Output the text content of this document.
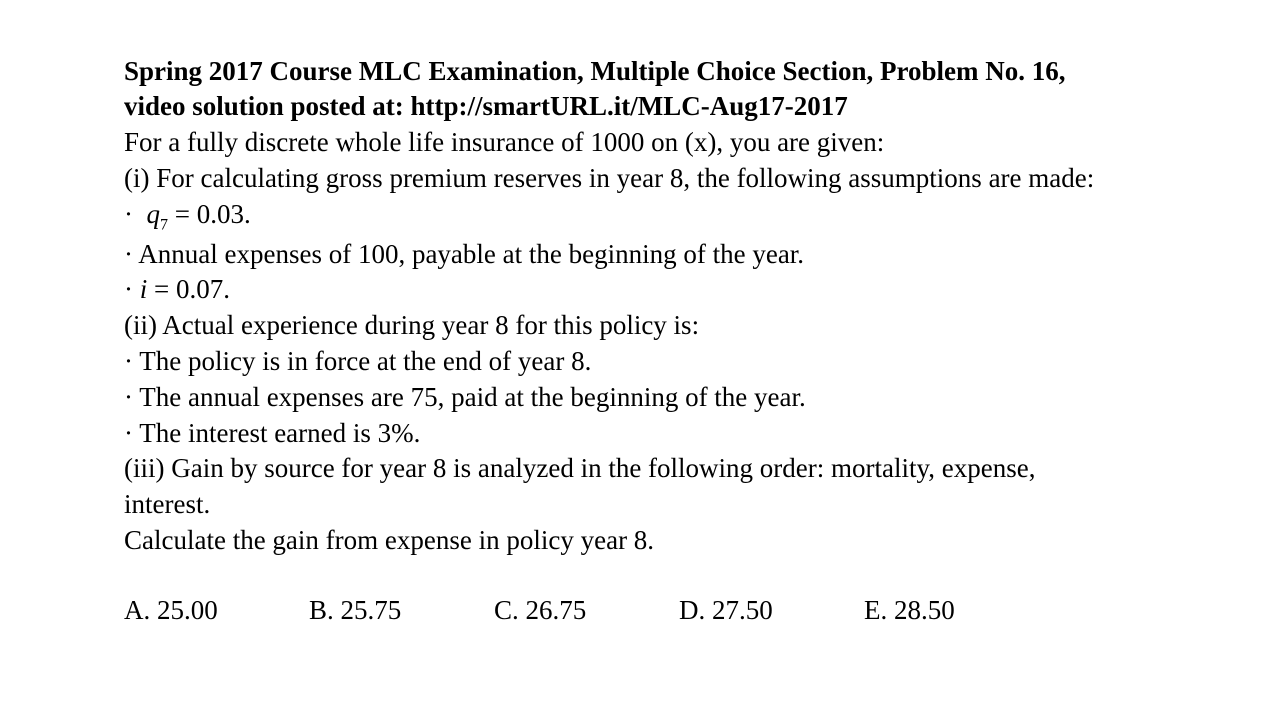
Spring 2017 Course MLC Examination, Multiple Choice Section, Problem No. 16,
video solution posted at: http://smartURL.it/MLC-Aug17-2017
For a fully discrete whole life insurance of 1000 on (x), you are given:
(i) For calculating gross premium reserves in year 8, the following assumptions are made:
·  $q_7 = 0.03$.
· Annual expenses of 100, payable at the beginning of the year.
· i = 0.07.
(ii) Actual experience during year 8 for this policy is:
· The policy is in force at the end of year 8.
· The annual expenses are 75, paid at the beginning of the year.
· The interest earned is 3%.
(iii) Gain by source for year 8 is analyzed in the following order: mortality, expense,
interest.
Calculate the gain from expense in policy year 8.
A. 25.00	B. 25.75	C. 26.75	D. 27.50	E. 28.50
